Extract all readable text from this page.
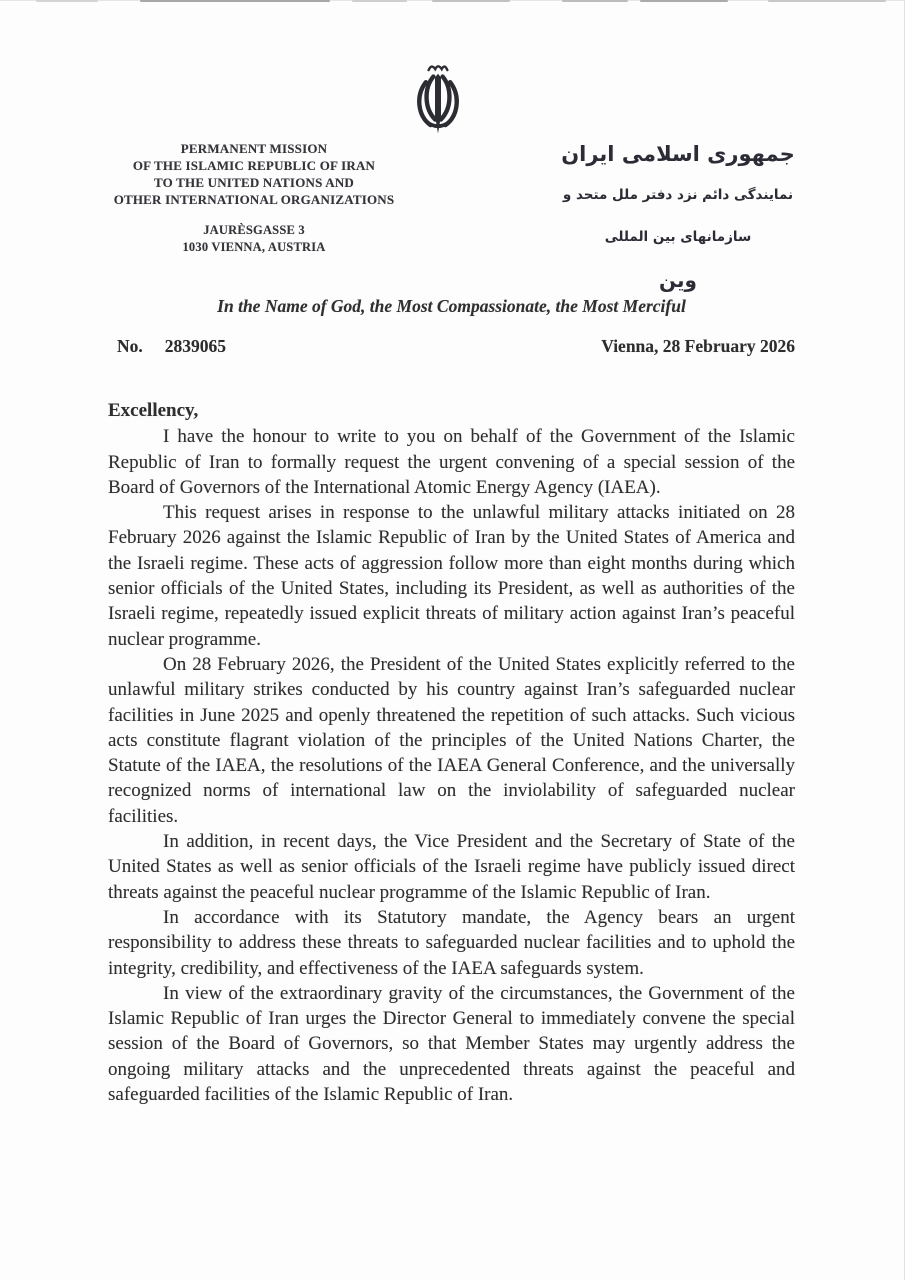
PERMANENT MISSION
OF THE ISLAMIC REPUBLIC OF IRAN
TO THE UNITED NATIONS AND
OTHER INTERNATIONAL ORGANIZATIONS
JAURÈSGASSE 3
1030 VIENNA, AUSTRIA
جمهوری اسلامی ایران
نمایندگی دائم نزد دفتر ملل متحد و سازمانهای بین المللی
وین
In the Name of God, the Most Compassionate, the Most Merciful
No. 2839065	Vienna, 28 February 2026

Excellency,

I have the honour to write to you on behalf of the Government of the Islamic Republic of Iran to formally request the urgent convening of a special session of the Board of Governors of the International Atomic Energy Agency (IAEA).

This request arises in response to the unlawful military attacks initiated on 28 February 2026 against the Islamic Republic of Iran by the United States of America and the Israeli regime. These acts of aggression follow more than eight months during which senior officials of the United States, including its President, as well as authorities of the Israeli regime, repeatedly issued explicit threats of military action against Iran’s peaceful nuclear programme.

On 28 February 2026, the President of the United States explicitly referred to the unlawful military strikes conducted by his country against Iran’s safeguarded nuclear facilities in June 2025 and openly threatened the repetition of such attacks. Such vicious acts constitute flagrant violation of the principles of the United Nations Charter, the Statute of the IAEA, the resolutions of the IAEA General Conference, and the universally recognized norms of international law on the inviolability of safeguarded nuclear facilities.

In addition, in recent days, the Vice President and the Secretary of State of the United States as well as senior officials of the Israeli regime have publicly issued direct threats against the peaceful nuclear programme of the Islamic Republic of Iran.

In accordance with its Statutory mandate, the Agency bears an urgent responsibility to address these threats to safeguarded nuclear facilities and to uphold the integrity, credibility, and effectiveness of the IAEA safeguards system.

In view of the extraordinary gravity of the circumstances, the Government of the Islamic Republic of Iran urges the Director General to immediately convene the special session of the Board of Governors, so that Member States may urgently address the ongoing military attacks and the unprecedented threats against the peaceful and safeguarded facilities of the Islamic Republic of Iran.
